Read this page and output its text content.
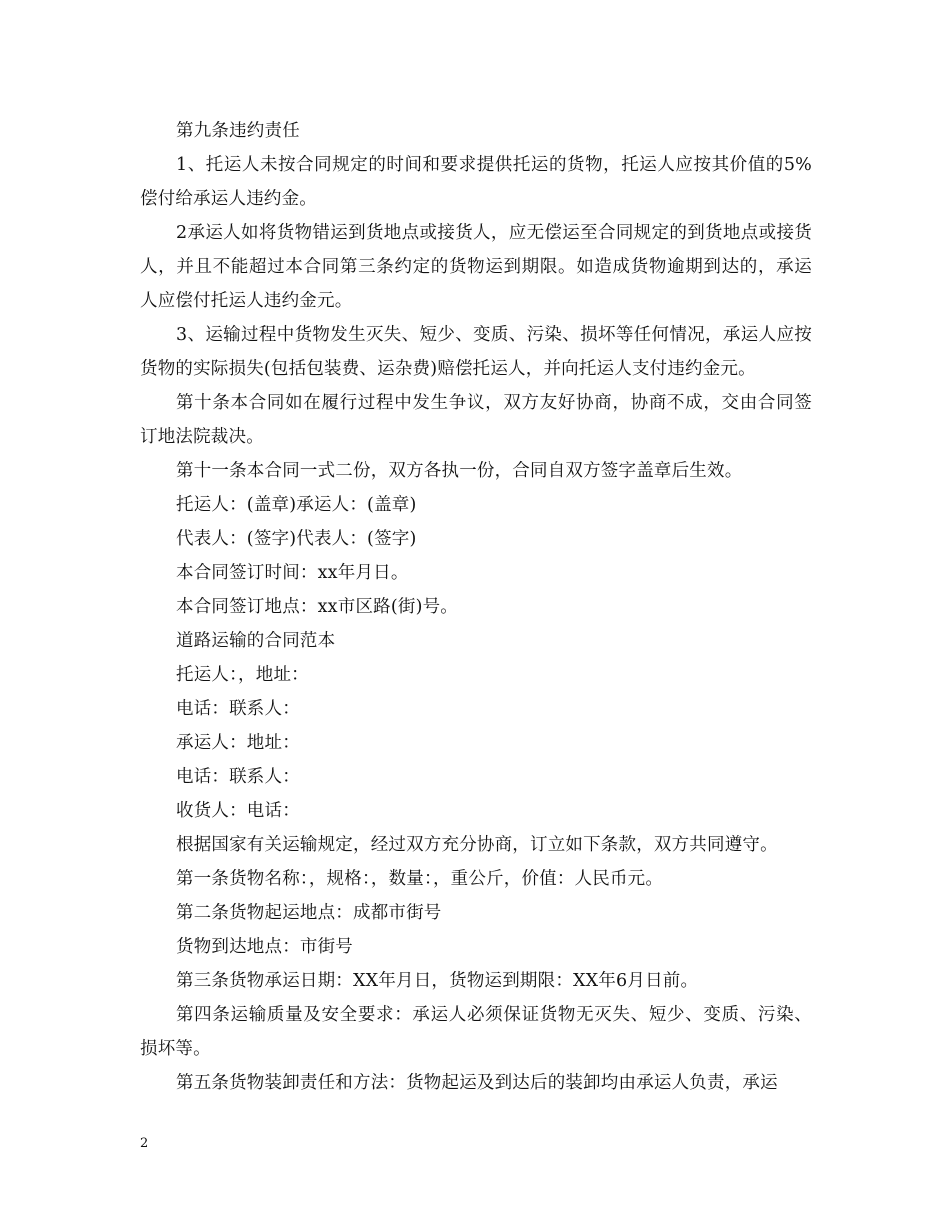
第九条违约责任

1、托运人未按合同规定的时间和要求提供托运的货物，托运人应按其价值的5%偿付给承运人违约金。

2承运人如将货物错运到货地点或接货人，应无偿运至合同规定的到货地点或接货人，并且不能超过本合同第三条约定的货物运到期限。如造成货物逾期到达的，承运人应偿付托运人违约金元。

3、运输过程中货物发生灭失、短少、变质、污染、损坏等任何情况，承运人应按货物的实际损失(包括包装费、运杂费)赔偿托运人，并向托运人支付违约金元。

第十条本合同如在履行过程中发生争议，双方友好协商，协商不成，交由合同签订地法院裁决。

第十一条本合同一式二份，双方各执一份，合同自双方签字盖章后生效。

托运人：(盖章)承运人：(盖章)

代表人：(签字)代表人：(签字)

本合同签订时间：xx年月日。

本合同签订地点：xx市区路(街)号。

道路运输的合同范本

托运人：，地址：

电话：联系人：

承运人：地址：

电话：联系人：

收货人：电话：

根据国家有关运输规定，经过双方充分协商，订立如下条款，双方共同遵守。

第一条货物名称：，规格：，数量：，重公斤，价值：人民币元。

第二条货物起运地点：成都市街号

货物到达地点：市街号

第三条货物承运日期：XX年月日，货物运到期限：XX年6月日前。

第四条运输质量及安全要求：承运人必须保证货物无灭失、短少、变质、污染、损坏等。

第五条货物装卸责任和方法：货物起运及到达后的装卸均由承运人负责，承运

2
